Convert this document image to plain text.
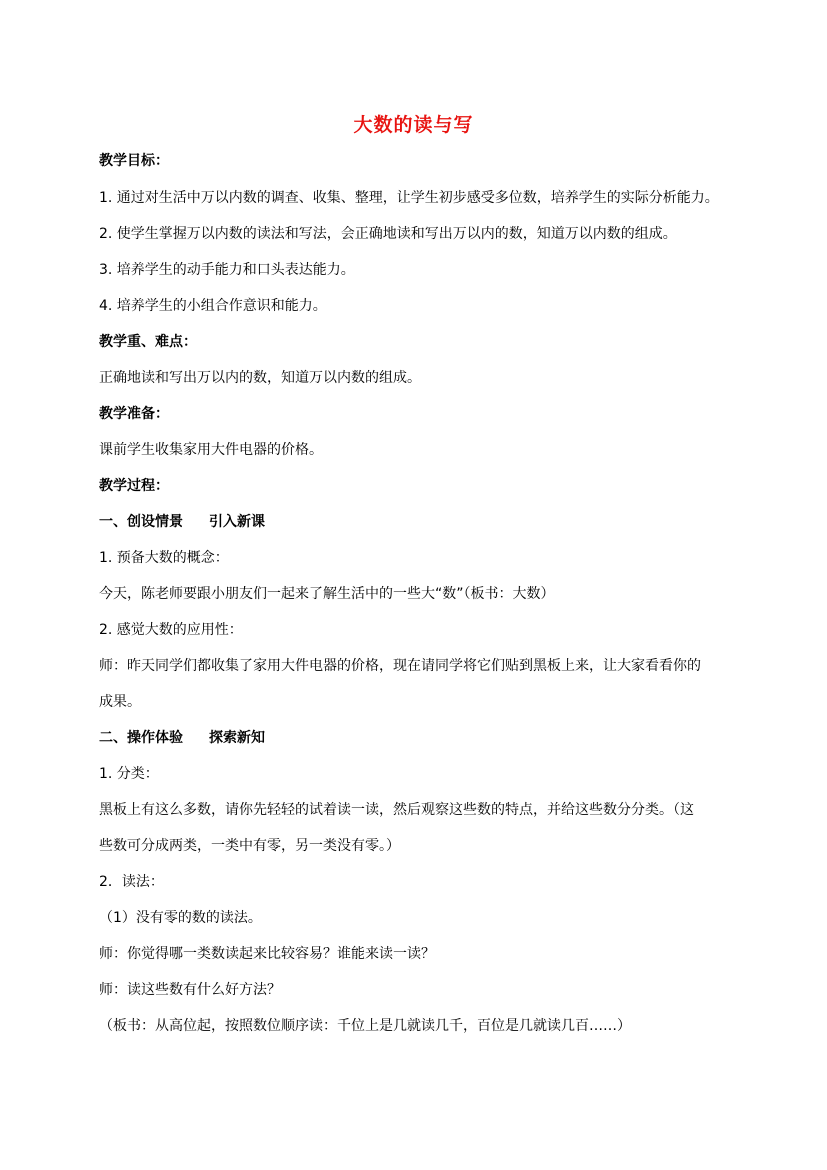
大数的读与写
教学目标：
1. 通过对生活中万以内数的调查、收集、整理，让学生初步感受多位数，培养学生的实际分析能力。
2. 使学生掌握万以内数的读法和写法，会正确地读和写出万以内的数，知道万以内数的组成。
3. 培养学生的动手能力和口头表达能力。
4. 培养学生的小组合作意识和能力。
教学重、难点：
正确地读和写出万以内的数，知道万以内数的组成。
教学准备：
课前学生收集家用大件电器的价格。
教学过程：
一、创设情景 引入新课
1. 预备大数的概念：
今天，陈老师要跟小朋友们一起来了解生活中的一些大“数”（板书：大数）
2. 感觉大数的应用性：
师：昨天同学们都收集了家用大件电器的价格，现在请同学将它们贴到黑板上来，让大家看看你的
成果。
二、操作体验 探索新知
1. 分类：
黑板上有这么多数，请你先轻轻的试着读一读，然后观察这些数的特点，并给这些数分分类。（这
些数可分成两类，一类中有零，另一类没有零。）
2．读法：
（1）没有零的数的读法。
师：你觉得哪一类数读起来比较容易？谁能来读一读？
师：读这些数有什么好方法？
（板书：从高位起，按照数位顺序读：千位上是几就读几千，百位是几就读几百……）
